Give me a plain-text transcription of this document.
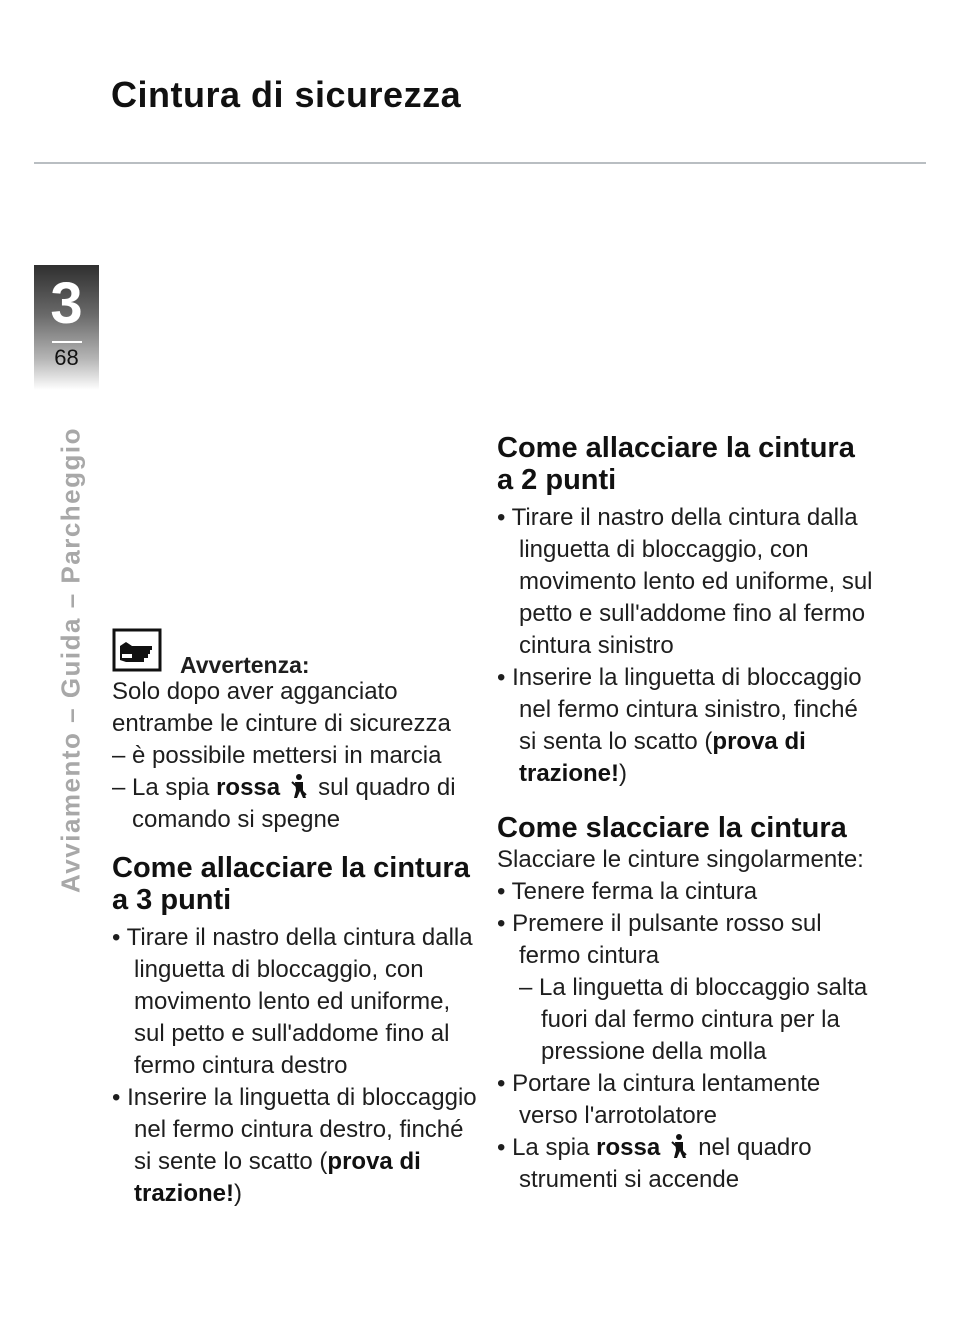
Cintura di sicurezza
3
68
Avviamento – Guida – Parcheggio	Avvertenza:

Solo dopo aver agganciato entrambe le cinture di sicurezza

– è possibile mettersi in marcia

– La spia rossa sul quadro di comando si spegne

Come allacciare la cintura a 3 punti

• Tirare il nastro della cintura dalla linguetta di bloccaggio, con movimento lento ed uniforme, sul petto e sull'addome fino al fermo cintura destro

• Inserire la linguetta di bloccaggio nel fermo cintura destro, finché si sente lo scatto (prova di trazione!)

Come allacciare la cintura a 2 punti

• Tirare il nastro della cintura dalla linguetta di bloccaggio, con movimento lento ed uniforme, sul petto e sull'addome fino al fermo cintura sinistro

• Inserire la linguetta di bloccaggio nel fermo cintura sinistro, finché si senta lo scatto (prova di trazione!)

Come slacciare la cintura

Slacciare le cinture singolarmente:

• Tenere ferma la cintura

• Premere il pulsante rosso sul fermo cintura

– La linguetta di bloccaggio salta fuori dal fermo cintura per la pressione della molla

• Portare la cintura lentamente verso l'arrotolatore

• La spia rossa nel quadro strumenti si accende
